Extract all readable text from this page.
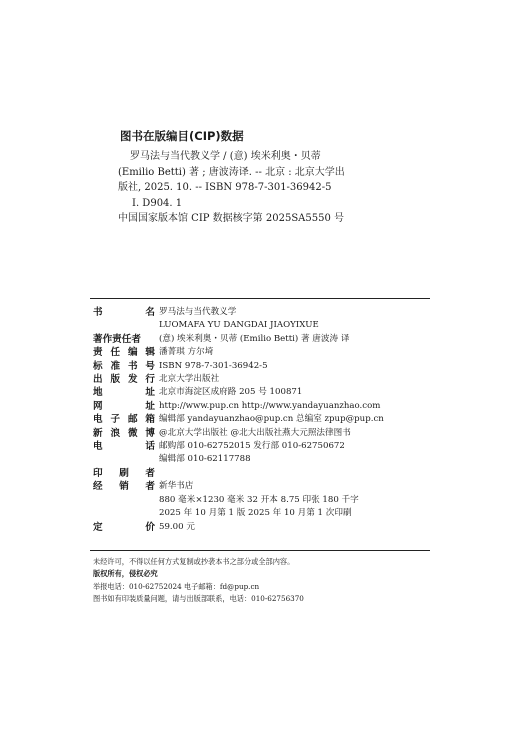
图书在版编目(CIP)数据
罗马法与当代教义学 / (意) 埃米利奥・贝蒂
(Emilio Betti) 著 ; 唐波涛译. -- 北京 : 北京大学出
版社, 2025. 10. -- ISBN 978-7-301-36942-5
Ⅰ. D904. 1
中国国家版本馆 CIP 数据核字第 2025SA5550 号
书	名 罗马法与当代教义学
LUOMAFA YU DANGDAI JIAOYIXUE
著作责任者	(意) 埃米利奥・贝蒂 (Emilio Betti) 著 唐波涛 译
责 任 编 辑 潘菁琪 方尔埼
标 准 书 号 ISBN 978-7-301-36942-5
出 版 发 行 北京大学出版社
地	址 北京市海淀区成府路 205 号 100871
网	址 http://www.pup.cn http://www.yandayuanzhao.com
电 子 邮 箱 编辑部 yandayuanzhao@pup.cn 总编室 zpup@pup.cn
新 浪 微 博 @北京大学出版社 @北大出版社燕大元照法律图书
电	话 邮购部 010-62752015 发行部 010-62750672
编辑部 010-62117788
印 刷 者
经 销 者 新华书店
880 毫米×1230 毫米 32 开本 8.75 印张 180 千字
2025 年 10 月第 1 版 2025 年 10 月第 1 次印刷
定	价 59.00 元
未经许可，不得以任何方式复制或抄袭本书之部分或全部内容。
版权所有，侵权必究
举报电话：010-62752024 电子邮箱：fd@pup.cn
图书如有印装质量问题，请与出版部联系，电话：010-62756370
